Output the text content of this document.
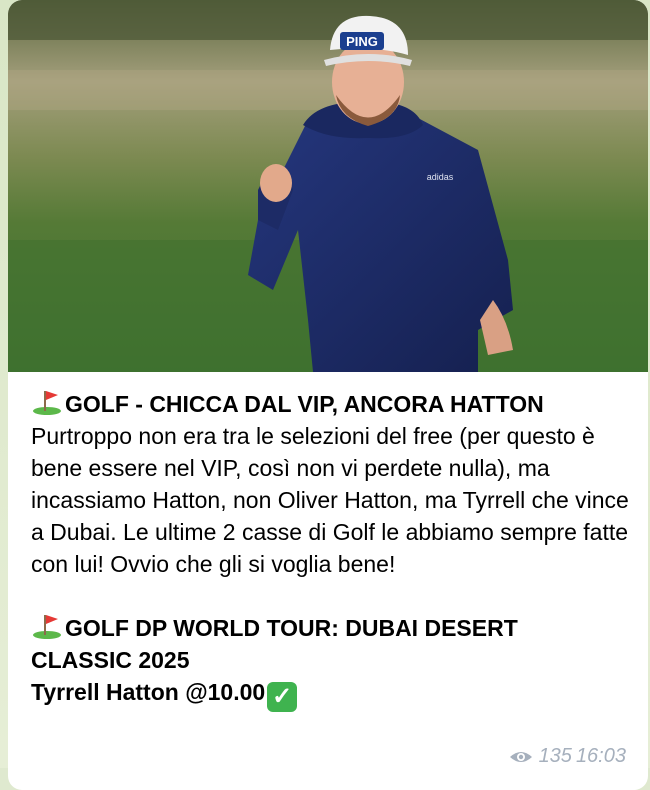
PING
adidas
GOLF - CHICCA DAL VIP, ANCORA HATTON
Purtroppo non era tra le selezioni del free (per questo è bene essere nel VIP, così non vi perdete nulla), ma incassiamo Hatton, non Oliver Hatton, ma Tyrrell che vince a Dubai. Le ultime 2 casse di Golf le abbiamo sempre fatte con lui! Ovvio che gli si voglia bene!
GOLF DP WORLD TOUR: DUBAI DESERT CLASSIC 2025
Tyrrell Hatton @10.00 ✓
135 16:03
